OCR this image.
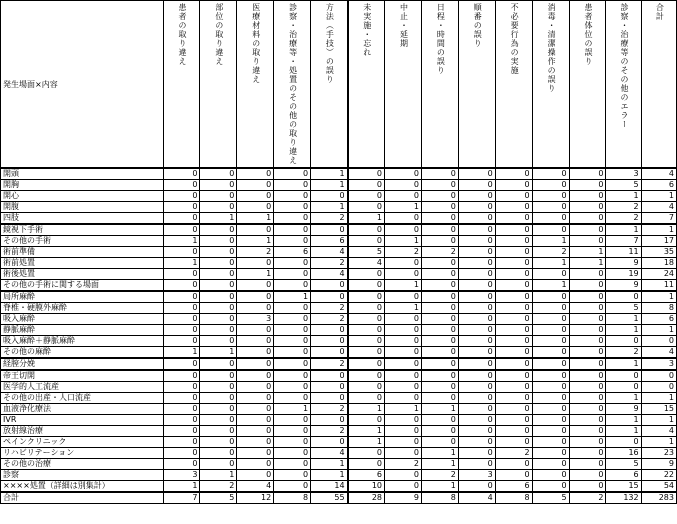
発生場面×内容	患者の取り違え	部位の取り違え	医療材料の取り違え	診察・治療等・処置のその他の取り違え	方法（手技）の誤り	未実施・忘れ	中止・延期	日程・時間の誤り	順番の誤り	不必要行為の実施	消毒・清潔操作の誤り	患者体位の誤り	診察・治療等のその他のエラー	合計
開頭	0	0	0	0	1	0	0	0	0	0	0	0	3	4
開胸	0	0	0	0	1	0	0	0	0	0	0	0	5	6
開心	0	0	0	0	0	0	0	0	0	0	0	0	1	1
開腹	0	0	0	0	1	0	1	0	0	0	0	0	2	4
四肢	0	1	1	0	2	1	0	0	0	0	0	0	2	7
鏡視下手術	0	0	0	0	0	0	0	0	0	0	0	0	1	1
その他の手術	1	0	1	0	6	0	1	0	0	0	1	0	7	17
術前準備	0	0	2	6	4	5	2	2	0	0	2	1	11	35
術前処置	1	0	0	0	2	4	0	0	0	0	1	1	9	18
術後処置	0	0	1	0	4	0	0	0	0	0	0	0	19	24
その他の手術に関する場面	0	0	0	0	0	0	1	0	0	0	1	0	9	11
局所麻酔	0	0	0	1	0	0	0	0	0	0	0	0	0	1
脊椎・硬膜外麻酔	0	0	0	0	2	0	1	0	0	0	0	0	5	8
吸入麻酔	0	0	3	0	2	0	0	0	0	0	0	0	1	6
静脈麻酔	0	0	0	0	0	0	0	0	0	0	0	0	1	1
吸入麻酔＋静脈麻酔	0	0	0	0	0	0	0	0	0	0	0	0	0	0
その他の麻酔	1	1	0	0	0	0	0	0	0	0	0	0	2	4
経膣分娩	0	0	0	0	2	0	0	0	0	0	0	0	1	3
帝王切開	0	0	0	0	0	0	0	0	0	0	0	0	0	0
医学的人工流産	0	0	0	0	0	0	0	0	0	0	0	0	0	0
その他の出産・人口流産	0	0	0	0	0	0	0	0	0	0	0	0	1	1
血液浄化療法	0	0	0	1	2	1	1	1	0	0	0	0	9	15
IVR	0	0	0	0	0	0	0	0	0	0	0	0	1	1
放射線治療	0	0	0	0	2	1	0	0	0	0	0	0	1	4
ペインクリニック	0	0	0	0	0	1	0	0	0	0	0	0	0	1
リハビリテーション	0	0	0	0	4	0	0	1	0	2	0	0	16	23
その他の治療	0	0	0	0	1	0	2	1	0	0	0	0	5	9
診察	3	1	0	0	1	6	0	2	3	0	0	0	6	22
××××処置（詳細は別集計）	1	2	4	0	14	10	0	1	0	6	0	0	15	54
合計	7	5	12	8	55	28	9	8	4	8	5	2	132	283
